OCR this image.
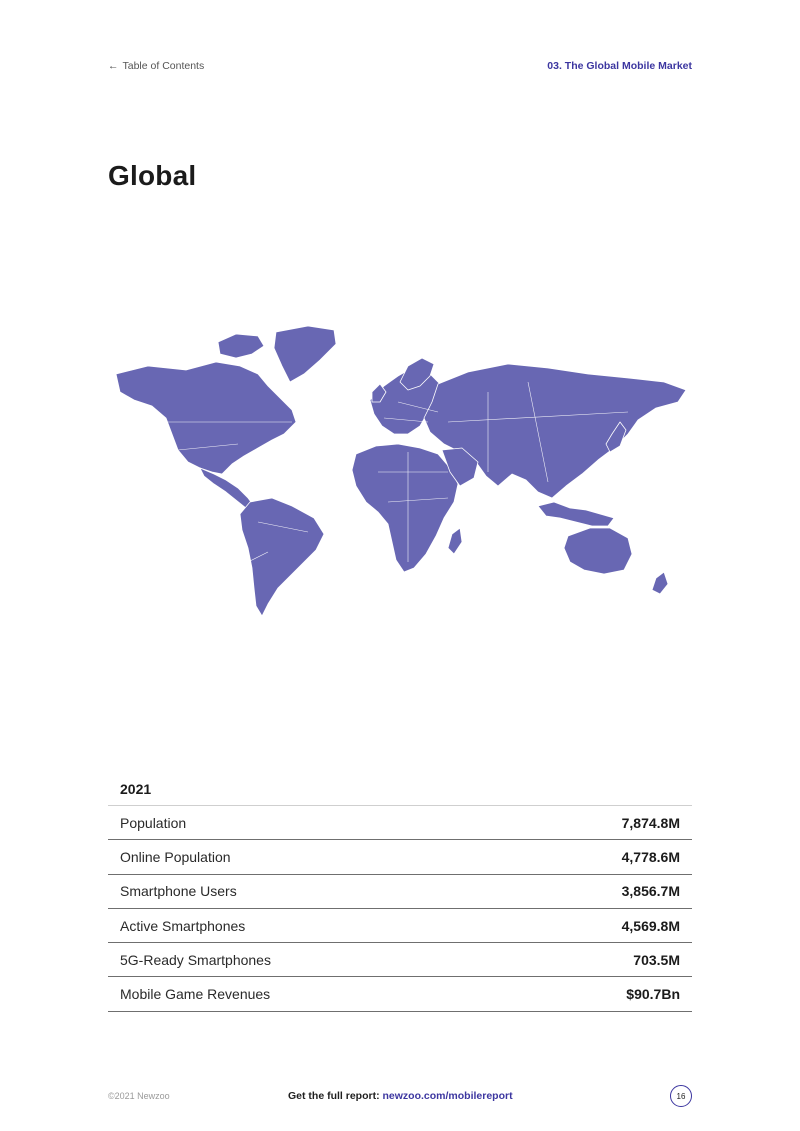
← Table of Contents	03. The Global Mobile Market
Global
2021
Population	7,874.8M
Online Population	4,778.6M
Smartphone Users	3,856.7M
Active Smartphones	4,569.8M
5G-Ready Smartphones	703.5M
Mobile Game Revenues	$90.7Bn
©2021 Newzoo	Get the full report: newzoo.com/mobilereport	16
